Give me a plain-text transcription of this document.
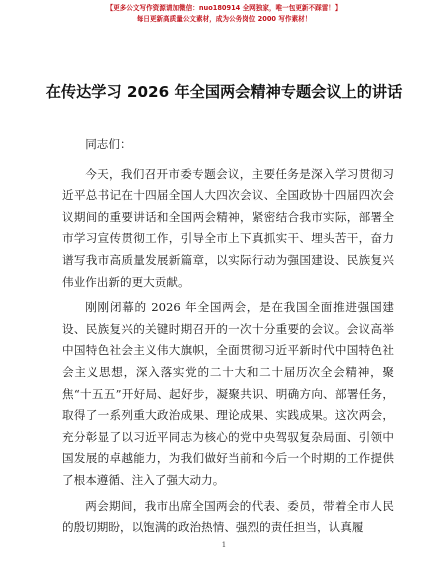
【更多公文写作资源请加微信：nuo180914 全网独家，唯一包更新不踩雷！】
每日更新高质量公文素材，成为公务岗位 2000 写作素材！
在传达学习 2026 年全国两会精神专题会议上的讲话

同志们：

今天，我们召开市委专题会议，主要任务是深入学习贯彻习近平总书记在十四届全国人大四次会议、全国政协十四届四次会议期间的重要讲话和全国两会精神，紧密结合我市实际，部署全市学习宣传贯彻工作，引导全市上下真抓实干、埋头苦干，奋力谱写我市高质量发展新篇章，以实际行动为强国建设、民族复兴伟业作出新的更大贡献。

刚刚闭幕的 2026 年全国两会，是在我国全面推进强国建设、民族复兴的关键时期召开的一次十分重要的会议。会议高举中国特色社会主义伟大旗帜，全面贯彻习近平新时代中国特色社会主义思想，深入落实党的二十大和二十届历次全会精神，聚焦“十五五”开好局、起好步，凝聚共识、明确方向、部署任务，取得了一系列重大政治成果、理论成果、实践成果。这次两会，充分彰显了以习近平同志为核心的党中央驾驭复杂局面、引领中国发展的卓越能力，为我们做好当前和今后一个时期的工作提供了根本遵循、注入了强大动力。

两会期间，我市出席全国两会的代表、委员，带着全市人民的殷切期盼，以饱满的政治热情、强烈的责任担当，认真履

1
